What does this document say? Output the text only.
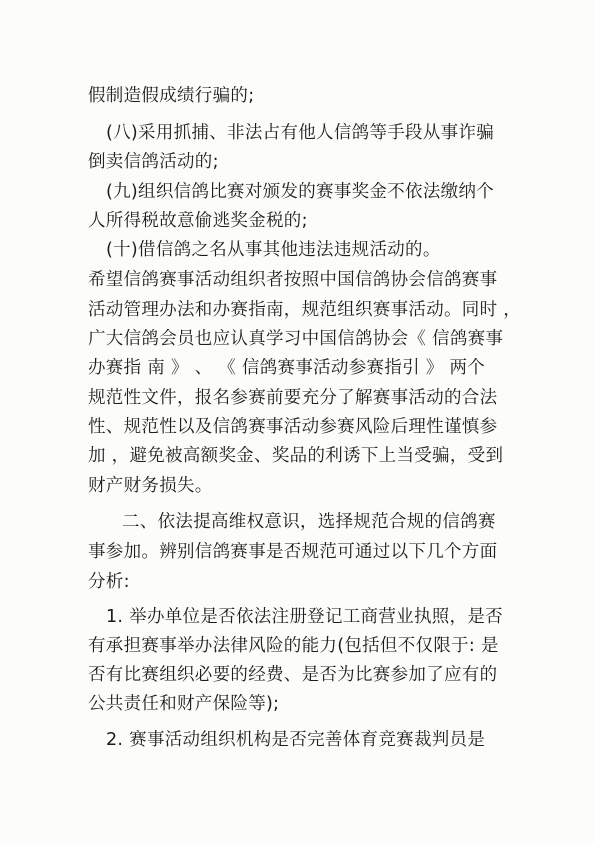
假制造假成绩行骗的;

(八)采用抓捕、非法占有他人信鸽等手段从事诈骗

倒卖信鸽活动的;

(九)组织信鸽比赛对颁发的赛事奖金不依法缴纳个

人所得税故意偷逃奖金税的;

(十)借信鸽之名从事其他违法违规活动的。

希望信鸽赛事活动组织者按照中国信鸽协会信鸽赛事

活动管理办法和办赛指南，规范组织赛事活动。同时 ，

广大信鸽会员也应认真学习中国信鸽协会《 信鸽赛事

办赛指 南 》 、 《 信鸽赛事活动参赛指引 》 两个

规范性文件，报名参赛前要充分了解赛事活动的合法

性、规范性以及信鸽赛事活动参赛风险后理性谨慎参

加 ，避免被高额奖金、奖品的利诱下上当受骗，受到

财产财务损失。

二、依法提高维权意识，选择规范合规的信鸽赛

事参加。辨别信鸽赛事是否规范可通过以下几个方面

分析:

1. 举办单位是否依法注册登记工商营业执照，是否

有承担赛事举办法律风险的能力(包括但不仅限于: 是

否有比赛组织必要的经费、是否为比赛参加了应有的

公共责任和财产保险等);

2. 赛事活动组织机构是否完善体育竞赛裁判员是
